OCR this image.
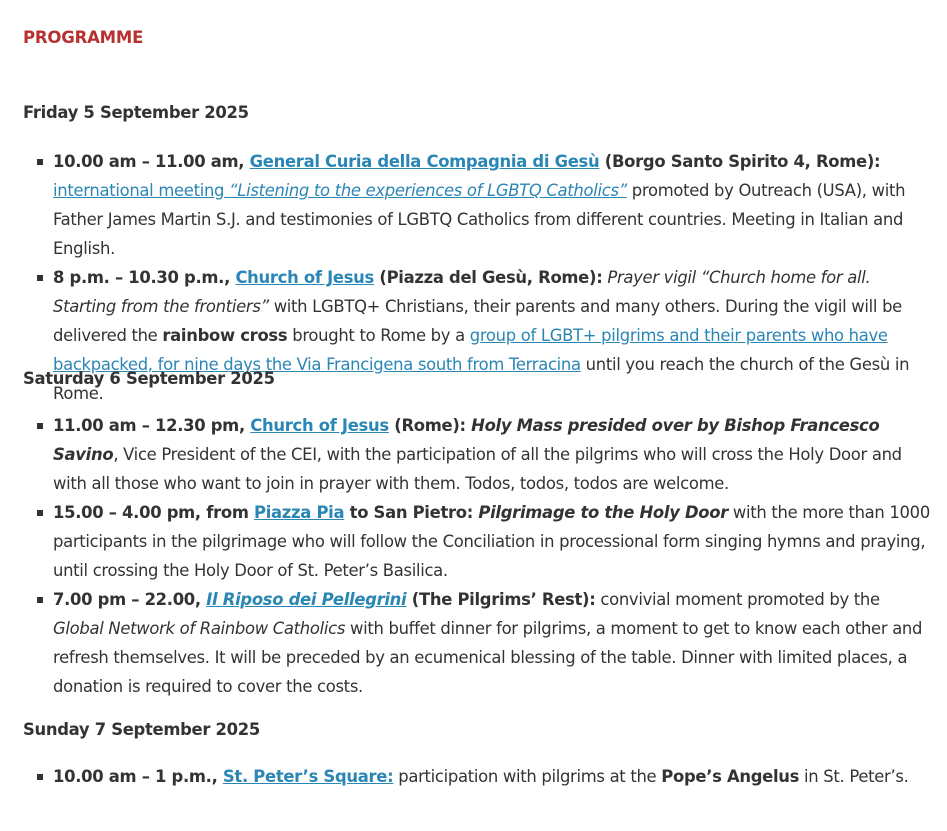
PROGRAMME
Friday 5 September 2025
10.00 am – 11.00 am, General Curia della Compagnia di Gesù (Borgo Santo Spirito 4, Rome): international meeting “Listening to the experiences of LGBTQ Catholics” promoted by Outreach (USA), with Father James Martin S.J. and testimonies of LGBTQ Catholics from different countries. Meeting in Italian and English.
8 p.m. – 10.30 p.m., Church of Jesus (Piazza del Gesù, Rome): Prayer vigil “Church home for all. Starting from the frontiers” with LGBTQ+ Christians, their parents and many others. During the vigil will be delivered the rainbow cross brought to Rome by a group of LGBT+ pilgrims and their parents who have backpacked, for nine days the Via Francigena south from Terracina until you reach the church of the Gesù in Rome.
Saturday 6 September 2025
11.00 am – 12.30 pm, Church of Jesus (Rome): Holy Mass presided over by Bishop Francesco Savino, Vice President of the CEI, with the participation of all the pilgrims who will cross the Holy Door and with all those who want to join in prayer with them. Todos, todos, todos are welcome.
15.00 – 4.00 pm, from Piazza Pia to San Pietro: Pilgrimage to the Holy Door with the more than 1000 participants in the pilgrimage who will follow the Conciliation in processional form singing hymns and praying, until crossing the Holy Door of St. Peter’s Basilica.
7.00 pm – 22.00, Il Riposo dei Pellegrini (The Pilgrims’ Rest): convivial moment promoted by the Global Network of Rainbow Catholics with buffet dinner for pilgrims, a moment to get to know each other and refresh themselves. It will be preceded by an ecumenical blessing of the table. Dinner with limited places, a donation is required to cover the costs.
Sunday 7 September 2025
10.00 am – 1 p.m., St. Peter’s Square: participation with pilgrims at the Pope’s Angelus in St. Peter’s.
